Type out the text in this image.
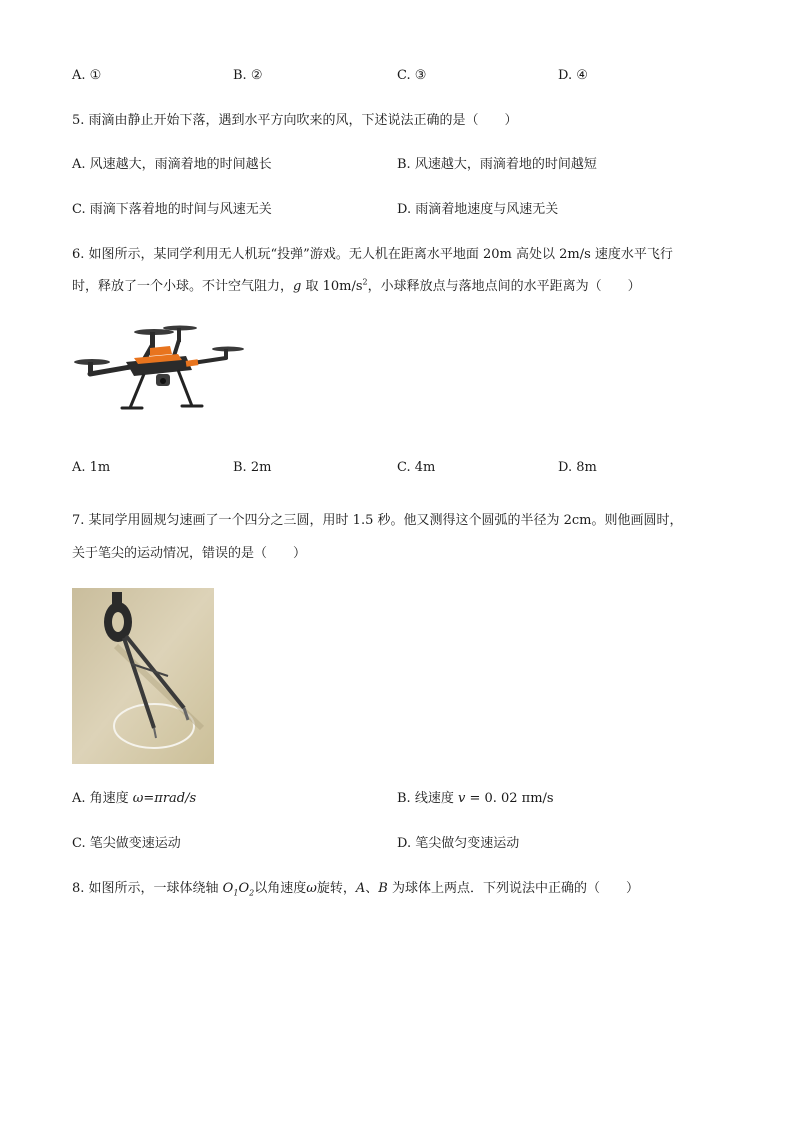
A. ①	B. ②	C. ③	D. ④
5. 雨滴由静止开始下落，遇到水平方向吹来的风，下述说法正确的是（　　）
A. 风速越大，雨滴着地的时间越长	B. 风速越大，雨滴着地的时间越短
C. 雨滴下落着地的时间与风速无关	D. 雨滴着地速度与风速无关
6. 如图所示，某同学利用无人机玩“投弹”游戏。无人机在距离水平地面 20m 高处以 2m/s 速度水平飞行
时，释放了一个小球。不计空气阻力，g 取 $10m/s^2$，小球释放点与落地点间的水平距离为（　　）
A. 1m	B. 2m	C. 4m	D. 8m
7. 某同学用圆规匀速画了一个四分之三圆，用时 1.5 秒。他又测得这个圆弧的半径为 2cm。则他画圆时，
关于笔尖的运动情况，错误的是（　　）
A. 角速度 ω=πrad/s	B. 线速度 v = 0. 02 πm/s
C. 笔尖做变速运动	D. 笔尖做匀变速运动
8. 如图所示，一球体绕轴 $O_1O_2$以角速度ω旋转，A、B 为球体上两点．下列说法中正确的（　　）
